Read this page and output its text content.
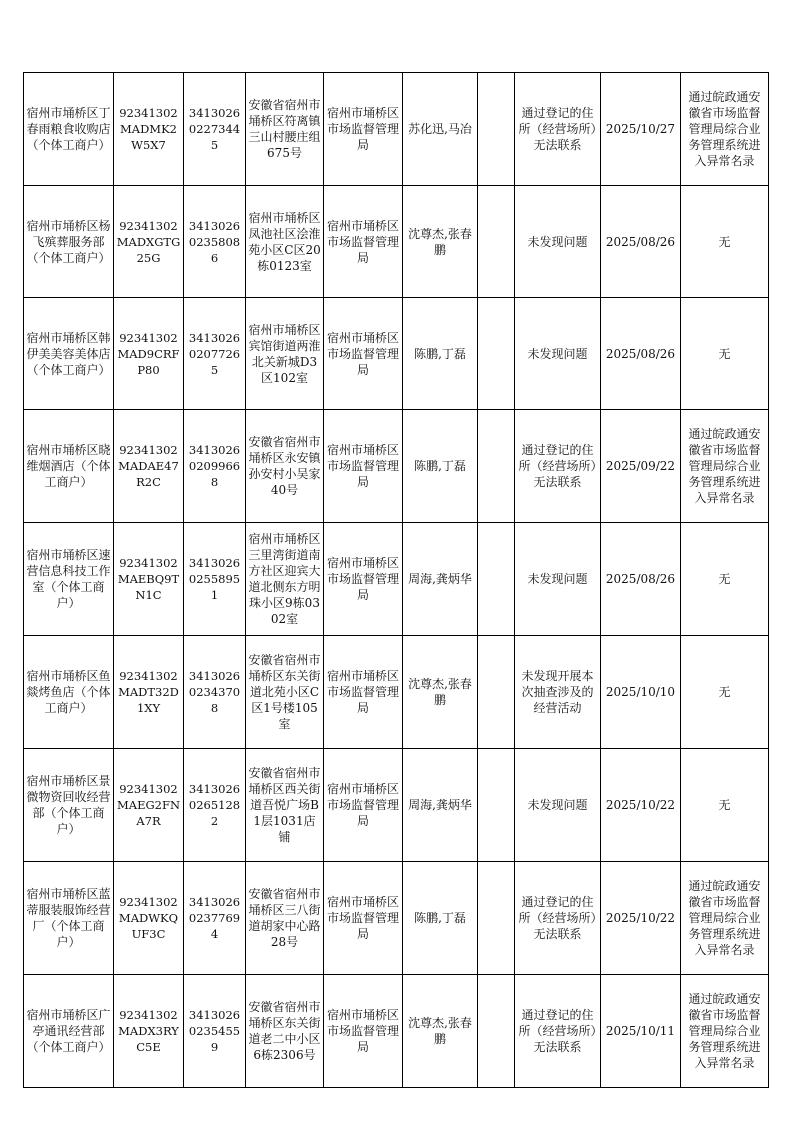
宿州市埇桥区丁春雨粮食收购店（个体工商户）	92341302MADMK2W5X7	341302602273445	安徽省宿州市埇桥区符离镇三山村腰庄组675号	宿州市埇桥区市场监督管理局	苏化迅,马冶		通过登记的住所（经营场所）无法联系	2025/10/27	通过皖政通安徽省市场监督管理局综合业务管理系统进入异常名录

宿州市埇桥区杨飞殡葬服务部（个体工商户）	92341302MADXGTG25G	341302602358086	宿州市埇桥区凤池社区浍淮苑小区C区20栋0123室	宿州市埇桥区市场监督管理局	沈尊杰,张春鹏		未发现问题	2025/08/26	无

宿州市埇桥区韩伊美美容美体店（个体工商户）	92341302MAD9CRFP80	341302602077265	宿州市埇桥区宾馆街道两淮北关新城D3区102室	宿州市埇桥区市场监督管理局	陈鹏,丁磊		未发现问题	2025/08/26	无

宿州市埇桥区晓维烟酒店（个体工商户）	92341302MADAE47R2C	341302602099668	安徽省宿州市埇桥区永安镇孙安村小吴家40号	宿州市埇桥区市场监督管理局	陈鹏,丁磊		通过登记的住所（经营场所）无法联系	2025/09/22	通过皖政通安徽省市场监督管理局综合业务管理系统进入异常名录

宿州市埇桥区速营信息科技工作室（个体工商户）	92341302MAEBQ9TN1C	341302602558951	宿州市埇桥区三里湾街道南方社区迎宾大道北侧东方明珠小区9栋0302室	宿州市埇桥区市场监督管理局	周海,龚炳华		未发现问题	2025/08/26	无

宿州市埇桥区鱼燚烤鱼店（个体工商户）	92341302MADT32D1XY	341302602343708	安徽省宿州市埇桥区东关街道北苑小区C区1号楼105室	宿州市埇桥区市场监督管理局	沈尊杰,张春鹏		未发现开展本次抽查涉及的经营活动	2025/10/10	无

宿州市埇桥区景微物资回收经营部（个体工商户）	92341302MAEG2FNA7R	341302602651282	安徽省宿州市埇桥区西关街道吾悦广场B1层1031店铺	宿州市埇桥区市场监督管理局	周海,龚炳华		未发现问题	2025/10/22	无

宿州市埇桥区蓝蒂服装服饰经营厂（个体工商户）	92341302MADWKQUF3C	341302602377694	安徽省宿州市埇桥区三八街道胡家中心路28号	宿州市埇桥区市场监督管理局	陈鹏,丁磊		通过登记的住所（经营场所）无法联系	2025/10/22	通过皖政通安徽省市场监督管理局综合业务管理系统进入异常名录

宿州市埇桥区广亭通讯经营部（个体工商户）	92341302MADX3RYC5E	341302602354559	安徽省宿州市埇桥区东关街道老二中小区6栋2306号	宿州市埇桥区市场监督管理局	沈尊杰,张春鹏		通过登记的住所（经营场所）无法联系	2025/10/11	通过皖政通安徽省市场监督管理局综合业务管理系统进入异常名录
